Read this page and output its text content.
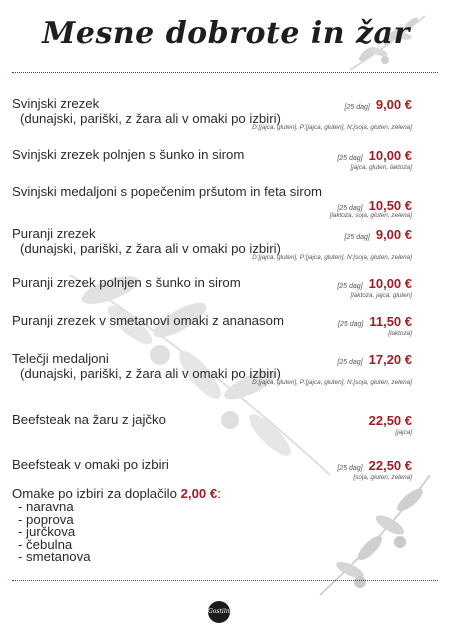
Mesne dobrote in žar
Svinjski zrezek
(dunajski, pariški, z žara ali v omaki po izbiri)
[25 dag] 9,00 €
D:[jajca, gluten], P:[jajca, gluten], N:[soja, gluten, zelena]
Svinjski zrezek polnjen s šunko in sirom	[25 dag] 10,00 €
[jajca, gluten, laktoza]
Svinjski medaljoni s popečenim pršutom in feta sirom
[25 dag] 10,50 €
[laktoza, soja, gluten, zelena]
Puranji zrezek
(dunajski, pariški, z žara ali v omaki po izbiri)
[25 dag] 9,00 €
D:[jajca, gluten], P:[jajca, gluten], N:[soja, gluten, zelena]
Puranji zrezek polnjen s šunko in sirom	[25 dag] 10,00 €
[laktoza, jajca, gluten]
Puranji zrezek v smetanovi omaki z ananasom	[25 dag] 11,50 €
[laktoza]
Telečji medaljoni
(dunajski, pariški, z žara ali v omaki po izbiri)
[25 dag] 17,20 €
D:[jajca, gluten], P:[jajca, gluten], N:[soja, gluten, zelena]
Beefsteak na žaru z jajčko	22,50 €
[jajca]
Beefsteak v omaki po izbiri	[25 dag] 22,50 €
[soja, gluten, zelena]
Omake po izbiri za doplačilo 2,00 €:
- naravna
- poprova
- jurčkova
- čebulna
- smetanova
Gostilna
